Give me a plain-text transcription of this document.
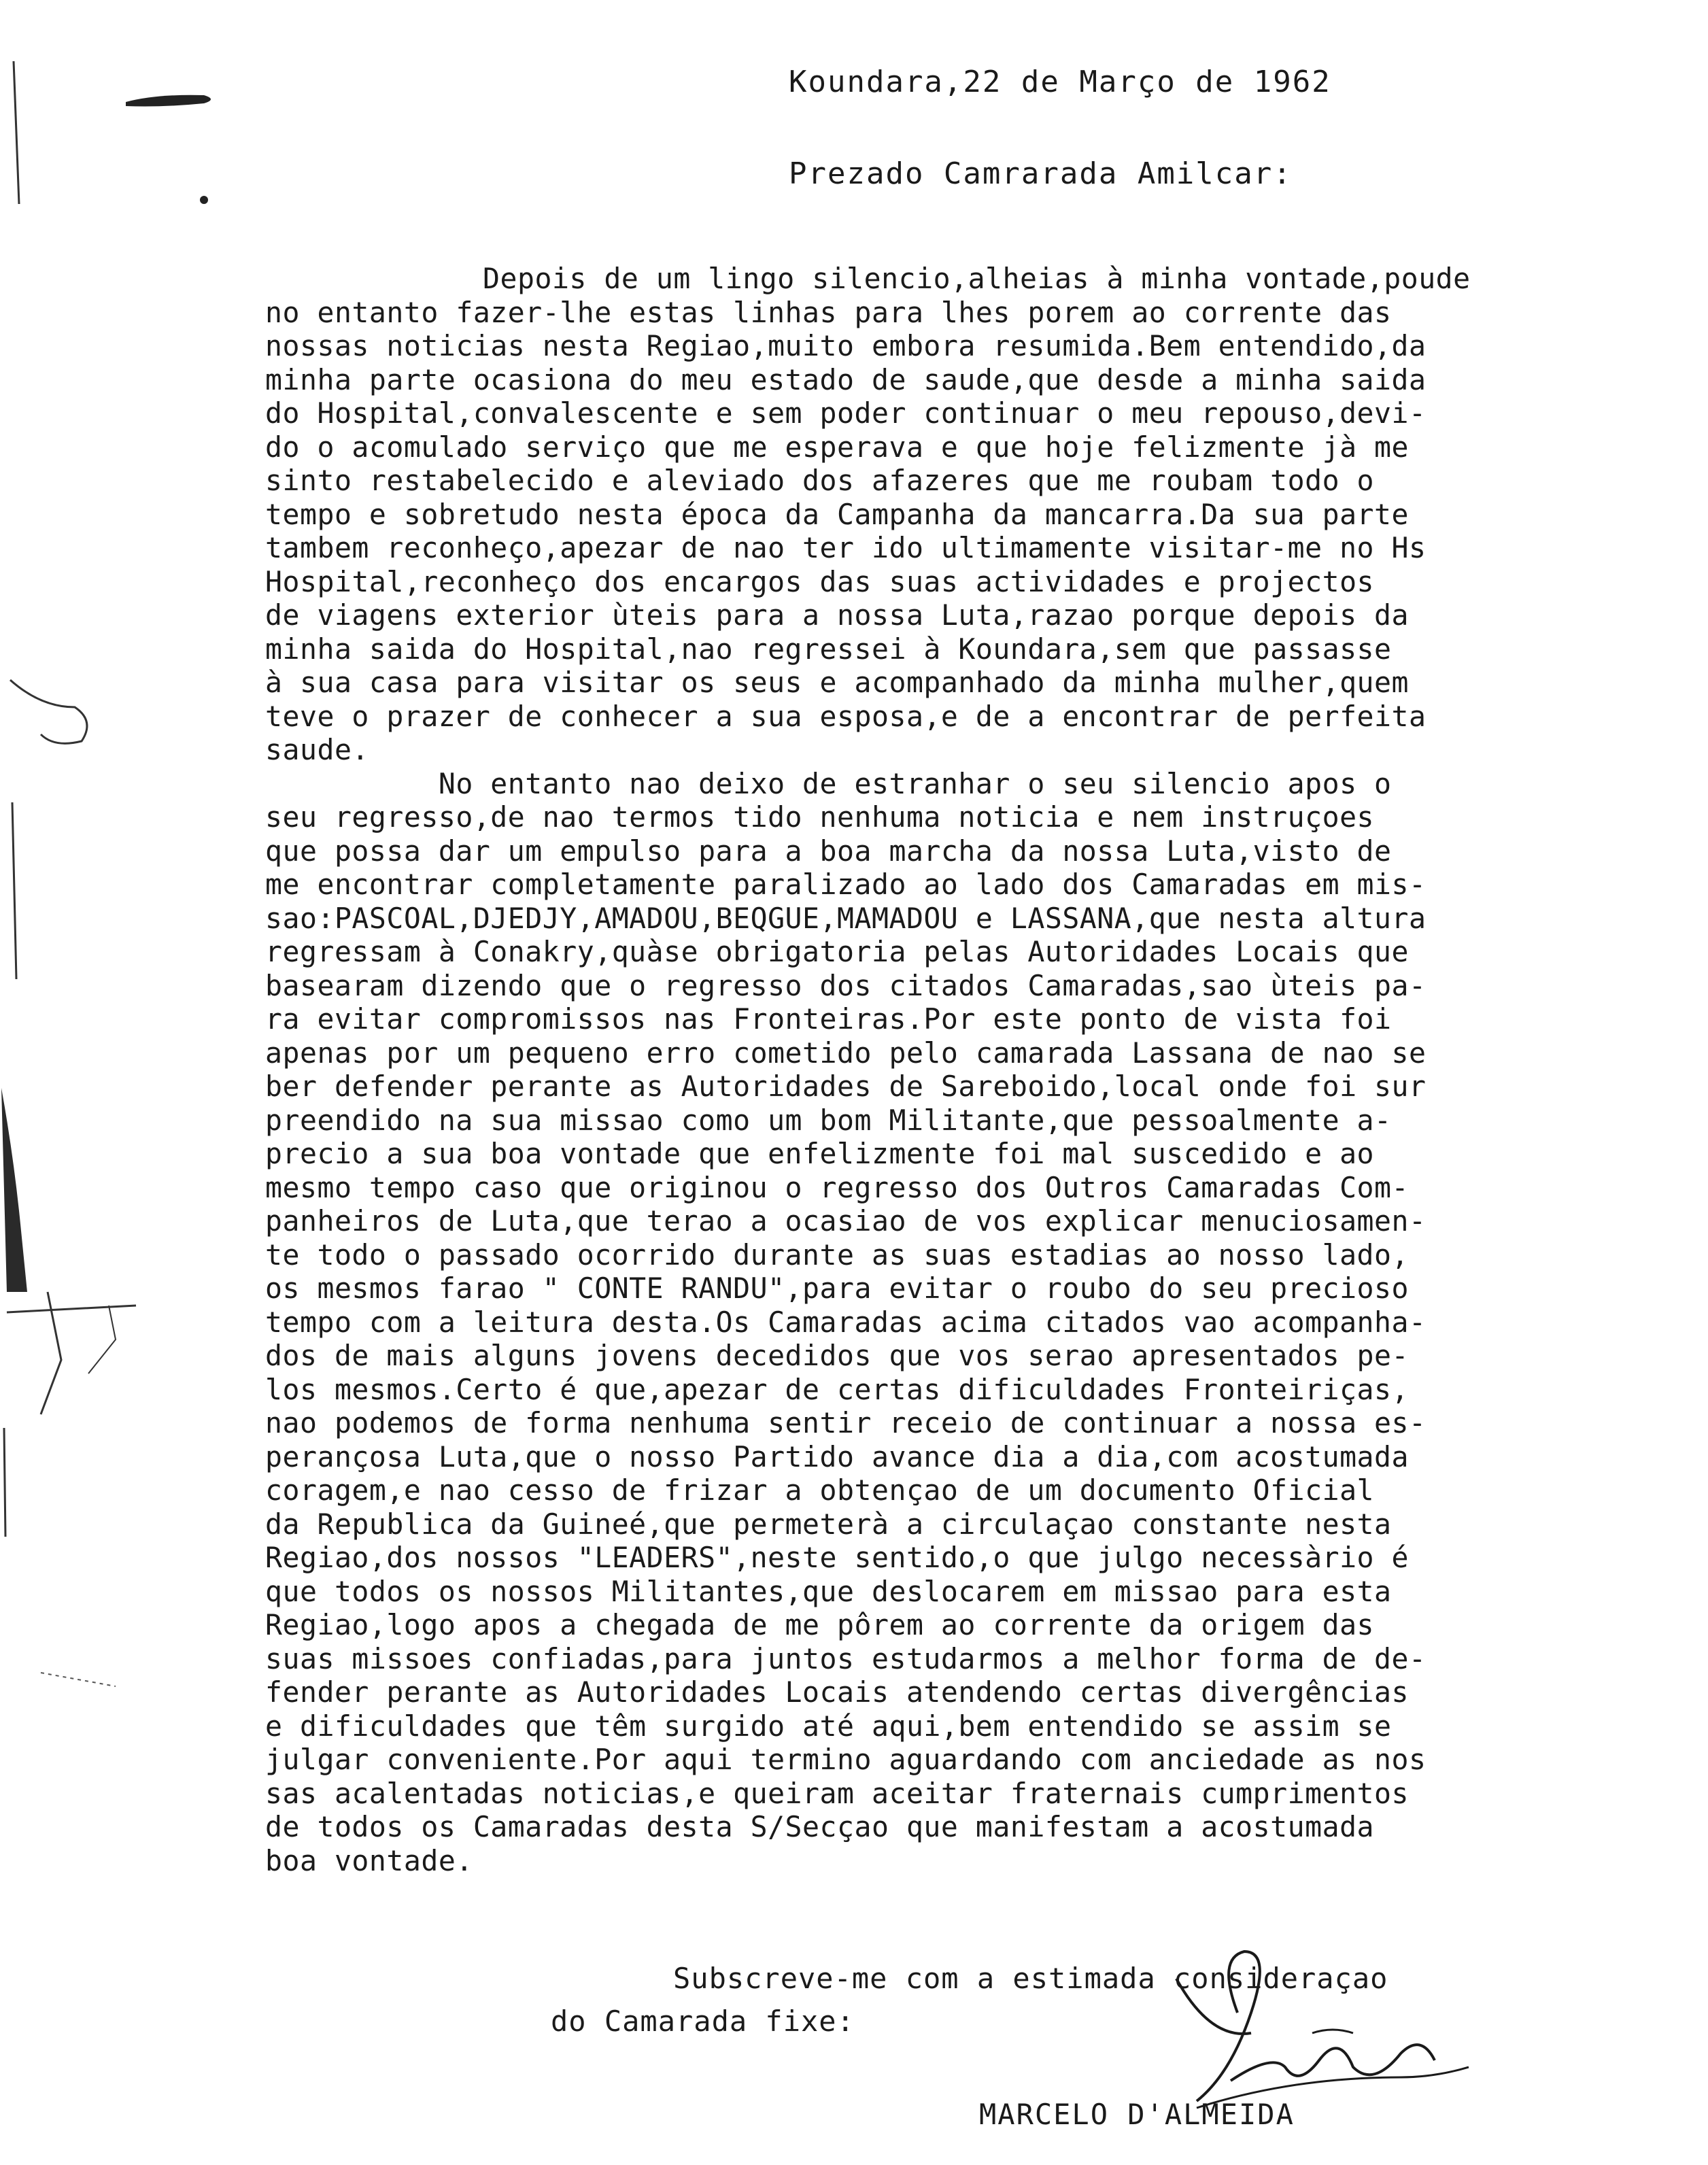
Koundara,22 de Março de 1962
Prezado Camrarada Amilcar:
Depois de um lingo silencio,alheias à minha vontade,poude
no entanto fazer-lhe estas linhas para lhes porem ao corrente das
nossas noticias nesta Regiao,muito embora resumida.Bem entendido,da
minha parte ocasiona do meu estado de saude,que desde a minha saida
do Hospital,convalescente e sem poder continuar o meu repouso,devi-
do o acomulado serviço que me esperava e que hoje felizmente jà me
sinto restabelecido e aleviado dos afazeres que me roubam todo o
tempo e sobretudo nesta época da Campanha da mancarra.Da sua parte
tambem reconheço,apezar de nao ter ido ultimamente visitar-me no Hs
Hospital,reconheço dos encargos das suas actividades e projectos
de viagens exterior ùteis para a nossa Luta,razao porque depois da
minha saida do Hospital,nao regressei à Koundara,sem que passasse
à sua casa para visitar os seus e acompanhado da minha mulher,quem
teve o prazer de conhecer a sua esposa,e de a encontrar de perfeita
saude.
No entanto nao deixo de estranhar o seu silencio apos o
seu regresso,de nao termos tido nenhuma noticia e nem instruçoes
que possa dar um empulso para a boa marcha da nossa Luta,visto de
me encontrar completamente paralizado ao lado dos Camaradas em mis-
sao:PASCOAL,DJEDJY,AMADOU,BEQGUE,MAMADOU e LASSANA,que nesta altura
regressam à Conakry,quàse obrigatoria pelas Autoridades Locais que
basearam dizendo que o regresso dos citados Camaradas,sao ùteis pa-
ra evitar compromissos nas Fronteiras.Por este ponto de vista foi
apenas por um pequeno erro cometido pelo camarada Lassana de nao se
ber defender perante as Autoridades de Sareboido,local onde foi sur
preendido na sua missao como um bom Militante,que pessoalmente a-
precio a sua boa vontade que enfelizmente foi mal suscedido e ao
mesmo tempo caso que originou o regresso dos Outros Camaradas Com-
panheiros de Luta,que terao a ocasiao de vos explicar menuciosamen-
te todo o passado ocorrido durante as suas estadias ao nosso lado,
os mesmos farao " CONTE RANDU",para evitar o roubo do seu precioso
tempo com a leitura desta.Os Camaradas acima citados vao acompanha-
dos de mais alguns jovens decedidos que vos serao apresentados pe-
los mesmos.Certo é que,apezar de certas dificuldades Fronteiriças,
nao podemos de forma nenhuma sentir receio de continuar a nossa es-
perançosa Luta,que o nosso Partido avance dia a dia,com acostumada
coragem,e nao cesso de frizar a obtençao de um documento Oficial
da Republica da Guineé,que permeterà a circulaçao constante nesta
Regiao,dos nossos "LEADERS",neste sentido,o que julgo necessàrio é
que todos os nossos Militantes,que deslocarem em missao para esta
Regiao,logo apos a chegada de me pôrem ao corrente da origem das
suas missoes confiadas,para juntos estudarmos a melhor forma de de-
fender perante as Autoridades Locais atendendo certas divergências
e dificuldades que têm surgido até aqui,bem entendido se assim se
julgar conveniente.Por aqui termino aguardando com anciedade as nos
sas acalentadas noticias,e queiram aceitar fraternais cumprimentos
de todos os Camaradas desta S/Secçao que manifestam a acostumada
boa vontade.
Subscreve-me com a estimada consideraçao
do Camarada fixe:
MARCELO D'ALMEIDA
